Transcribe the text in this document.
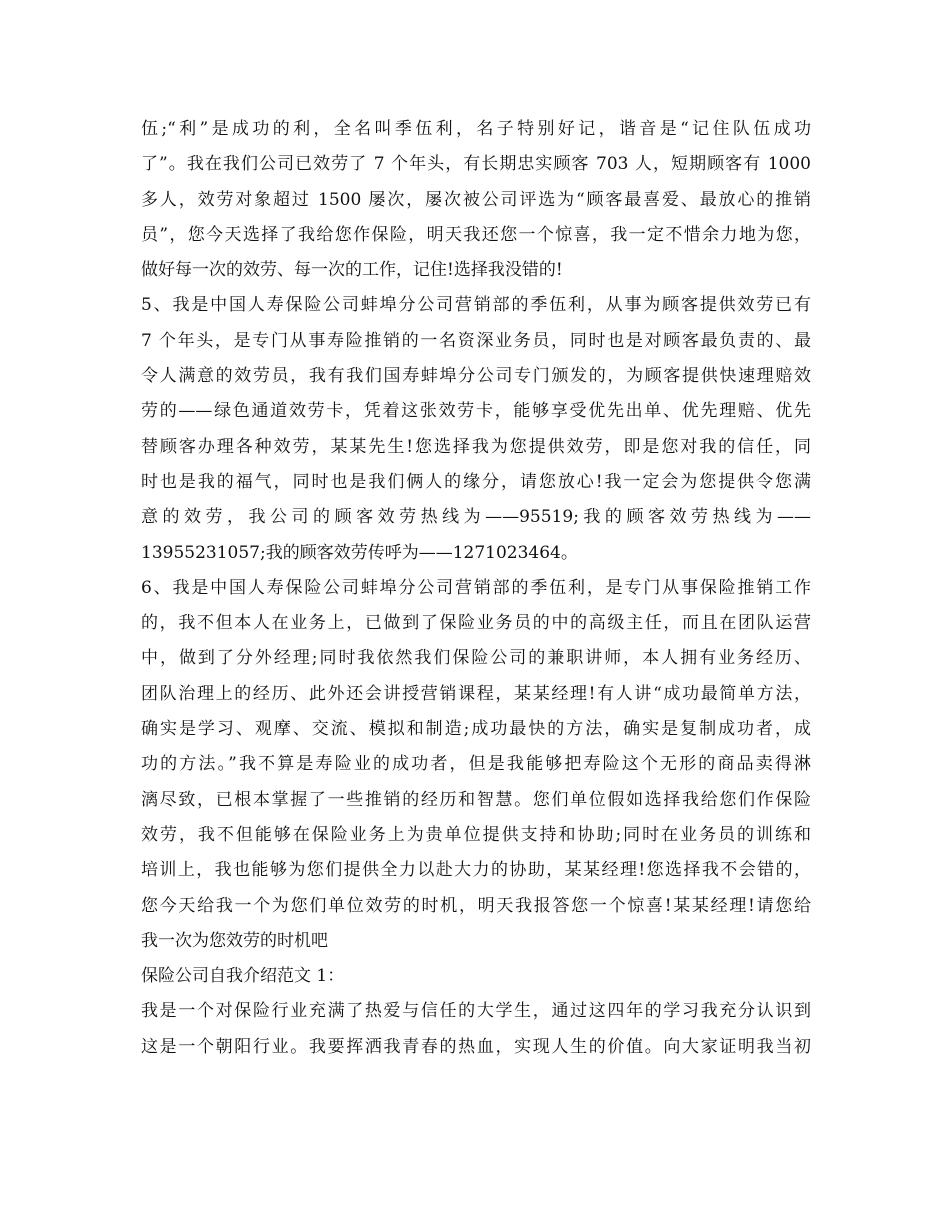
伍;“利”是成功的利，全名叫季伍利，名子特别好记，谐音是“记住队伍成功
了”。我在我们公司已效劳了 7 个年头，有长期忠实顾客 703 人，短期顾客有 1000
多人，效劳对象超过 1500 屡次，屡次被公司评选为“顾客最喜爱、最放心的推销
员”，您今天选择了我给您作保险，明天我还您一个惊喜，我一定不惜余力地为您，
做好每一次的效劳、每一次的工作，记住!选择我没错的!
5、我是中国人寿保险公司蚌埠分公司营销部的季伍利，从事为顾客提供效劳已有
7 个年头，是专门从事寿险推销的一名资深业务员，同时也是对顾客最负责的、最
令人满意的效劳员，我有我们国寿蚌埠分公司专门颁发的，为顾客提供快速理赔效
劳的——绿色通道效劳卡，凭着这张效劳卡，能够享受优先出单、优先理赔、优先
替顾客办理各种效劳，某某先生!您选择我为您提供效劳，即是您对我的信任，同
时也是我的福气，同时也是我们俩人的缘分，请您放心!我一定会为您提供令您满
意的效劳，我公司的顾客效劳热线为——95519;我的顾客效劳热线为——
13955231057;我的顾客效劳传呼为——1271023464。
6、我是中国人寿保险公司蚌埠分公司营销部的季伍利，是专门从事保险推销工作
的，我不但本人在业务上，已做到了保险业务员的中的高级主任，而且在团队运营
中，做到了分外经理;同时我依然我们保险公司的兼职讲师，本人拥有业务经历、
团队治理上的经历、此外还会讲授营销课程，某某经理!有人讲“成功最简单方法，
确实是学习、观摩、交流、模拟和制造;成功最快的方法，确实是复制成功者，成
功的方法。”我不算是寿险业的成功者，但是我能够把寿险这个无形的商品卖得淋
漓尽致，已根本掌握了一些推销的经历和智慧。您们单位假如选择我给您们作保险
效劳，我不但能够在保险业务上为贵单位提供支持和协助;同时在业务员的训练和
培训上，我也能够为您们提供全力以赴大力的协助，某某经理!您选择我不会错的，
您今天给我一个为您们单位效劳的时机，明天我报答您一个惊喜!某某经理!请您给
我一次为您效劳的时机吧
保险公司自我介绍范文 1：
我是一个对保险行业充满了热爱与信任的大学生，通过这四年的学习我充分认识到
这是一个朝阳行业。我要挥洒我青春的热血，实现人生的价值。向大家证明我当初
